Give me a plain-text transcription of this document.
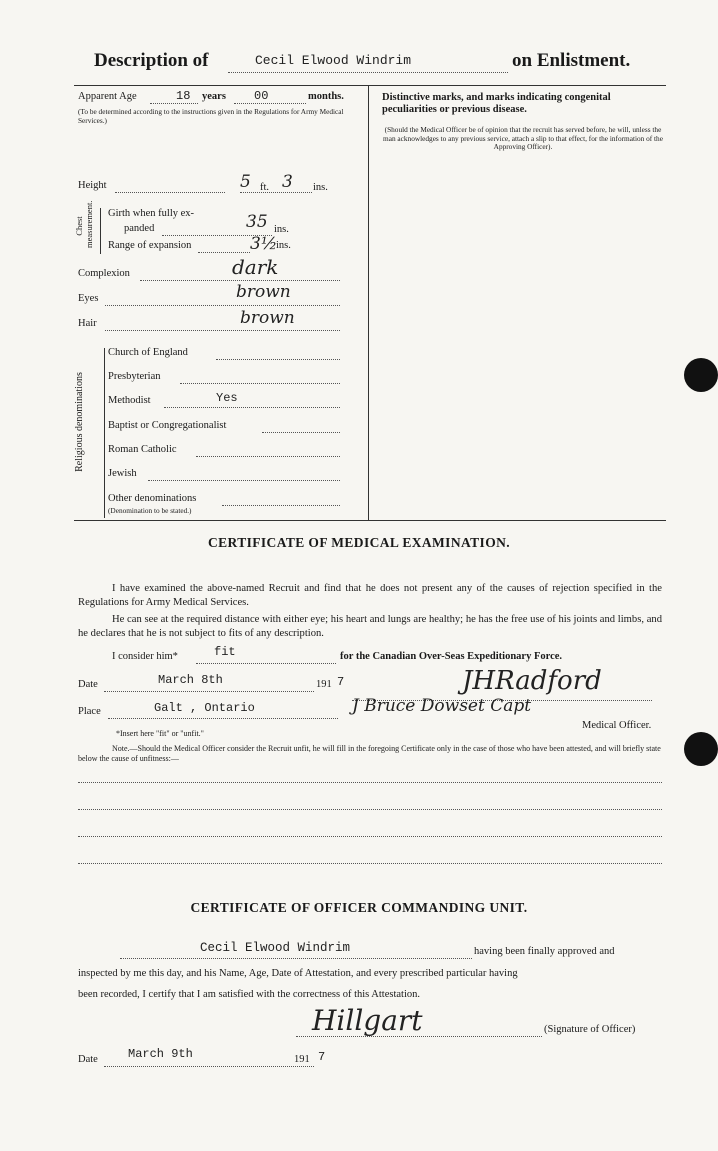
Description of	Cecil Elwood Windrim	on Enlistment.
Apparent Age	18 years 00	months.
(To be determined according to the instructions given in the Regulations for Army Medical Services.)
Distinctive marks, and marks indicating congenital peculiarities or previous disease.
(Should the Medical Officer be of opinion that the recruit has served before, he will, unless the man acknowledges to any previous service, attach a slip to that effect, for the information of the Approving Officer).
Height	5 ft. 3 ins.
Chest measurement. Girth when fully ex-
panded	35 ins.
Range of expansion	3½
ins.
Complexion	dark
Eyes	brown
Hair	brown
Religious denominations
Church of England
Presbyterian
Methodist	Yes
Baptist or Congregationalist
Roman Catholic
Jewish
Other denominations
(Denomination to be stated.)
CERTIFICATE OF MEDICAL EXAMINATION.
I have examined the above-named Recruit and find that he does not present any of the causes of rejection specified in the Regulations for Army Medical Services.
He can see at the required distance with either eye; his heart and lungs are healthy; he has the free use of his joints and limbs, and he declares that he is not subject to fits of any description.
I consider him*	fit	for the Canadian Over-Seas Expeditionary Force.
Date	March 8th	191 7	JHRadford
Place	Galt , Ontario	J Bruce Dowset Capt
Medical Officer.
*Insert here "fit" or "unfit."
Note.—Should the Medical Officer consider the Recruit unfit, he will fill in the foregoing Certificate only in the case of those who have been attested, and will briefly state below the cause of unfitness:—
CERTIFICATE OF OFFICER COMMANDING UNIT.
Cecil Elwood Windrim	having been finally approved and
inspected by me this day, and his Name, Age, Date of Attestation, and every prescribed particular having
been recorded, I certify that I am satisfied with the correctness of this Attestation.
Hillgart	(Signature of Officer)
Date	March 9th	191 7
